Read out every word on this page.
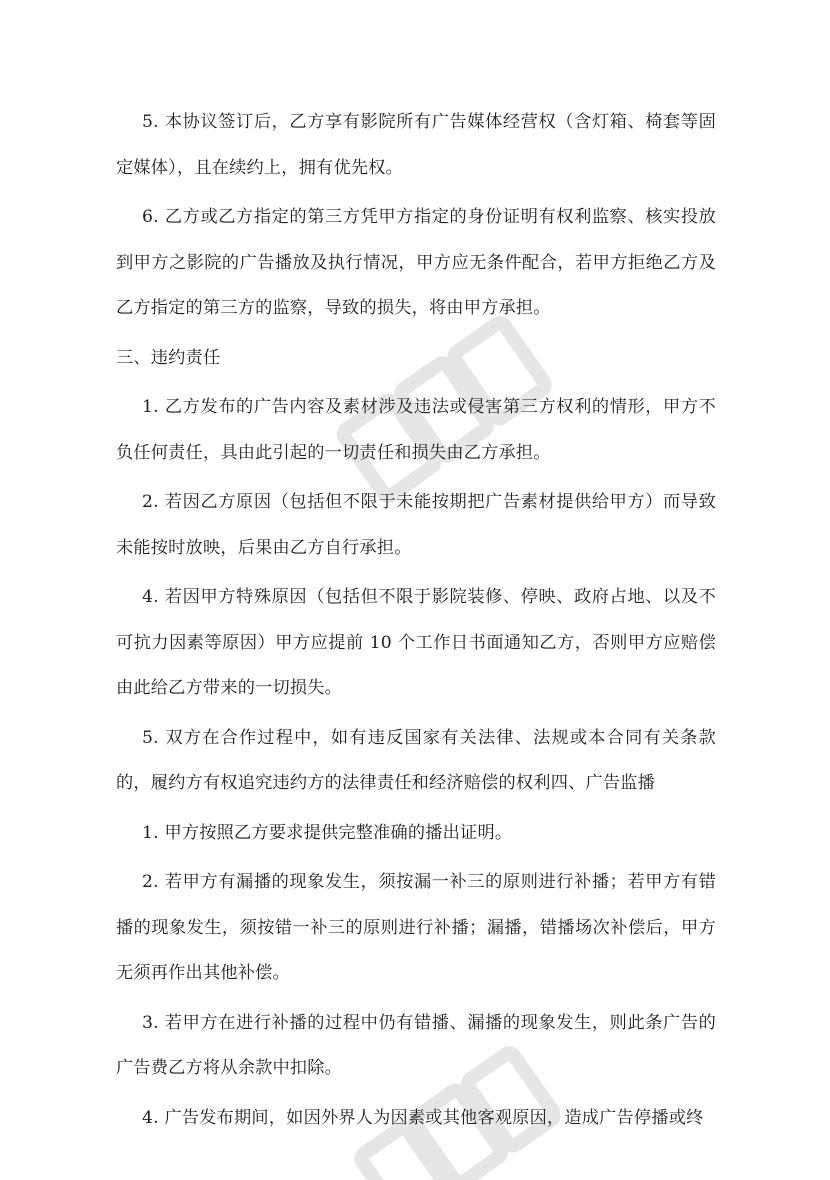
5. 本协议签订后，乙方享有影院所有广告媒体经营权（含灯箱、椅套等固定媒体），且在续约上，拥有优先权。

6. 乙方或乙方指定的第三方凭甲方指定的身份证明有权利监察、核实投放到甲方之影院的广告播放及执行情况，甲方应无条件配合，若甲方拒绝乙方及乙方指定的第三方的监察，导致的损失，将由甲方承担。

三、违约责任

1. 乙方发布的广告内容及素材涉及违法或侵害第三方权利的情形，甲方不负任何责任，具由此引起的一切责任和损失由乙方承担。

2. 若因乙方原因（包括但不限于未能按期把广告素材提供给甲方）而导致未能按时放映，后果由乙方自行承担。

4. 若因甲方特殊原因（包括但不限于影院装修、停映、政府占地、以及不可抗力因素等原因）甲方应提前 10 个工作日书面通知乙方，否则甲方应赔偿由此给乙方带来的一切损失。

5. 双方在合作过程中，如有违反国家有关法律、法规或本合同有关条款的，履约方有权追究违约方的法律责任和经济赔偿的权利四、广告监播

1. 甲方按照乙方要求提供完整准确的播出证明。

2. 若甲方有漏播的现象发生，须按漏一补三的原则进行补播；若甲方有错播的现象发生，须按错一补三的原则进行补播；漏播，错播场次补偿后，甲方无须再作出其他补偿。

3. 若甲方在进行补播的过程中仍有错播、漏播的现象发生，则此条广告的广告费乙方将从余款中扣除。

4. 广告发布期间，如因外界人为因素或其他客观原因，造成广告停播或终
